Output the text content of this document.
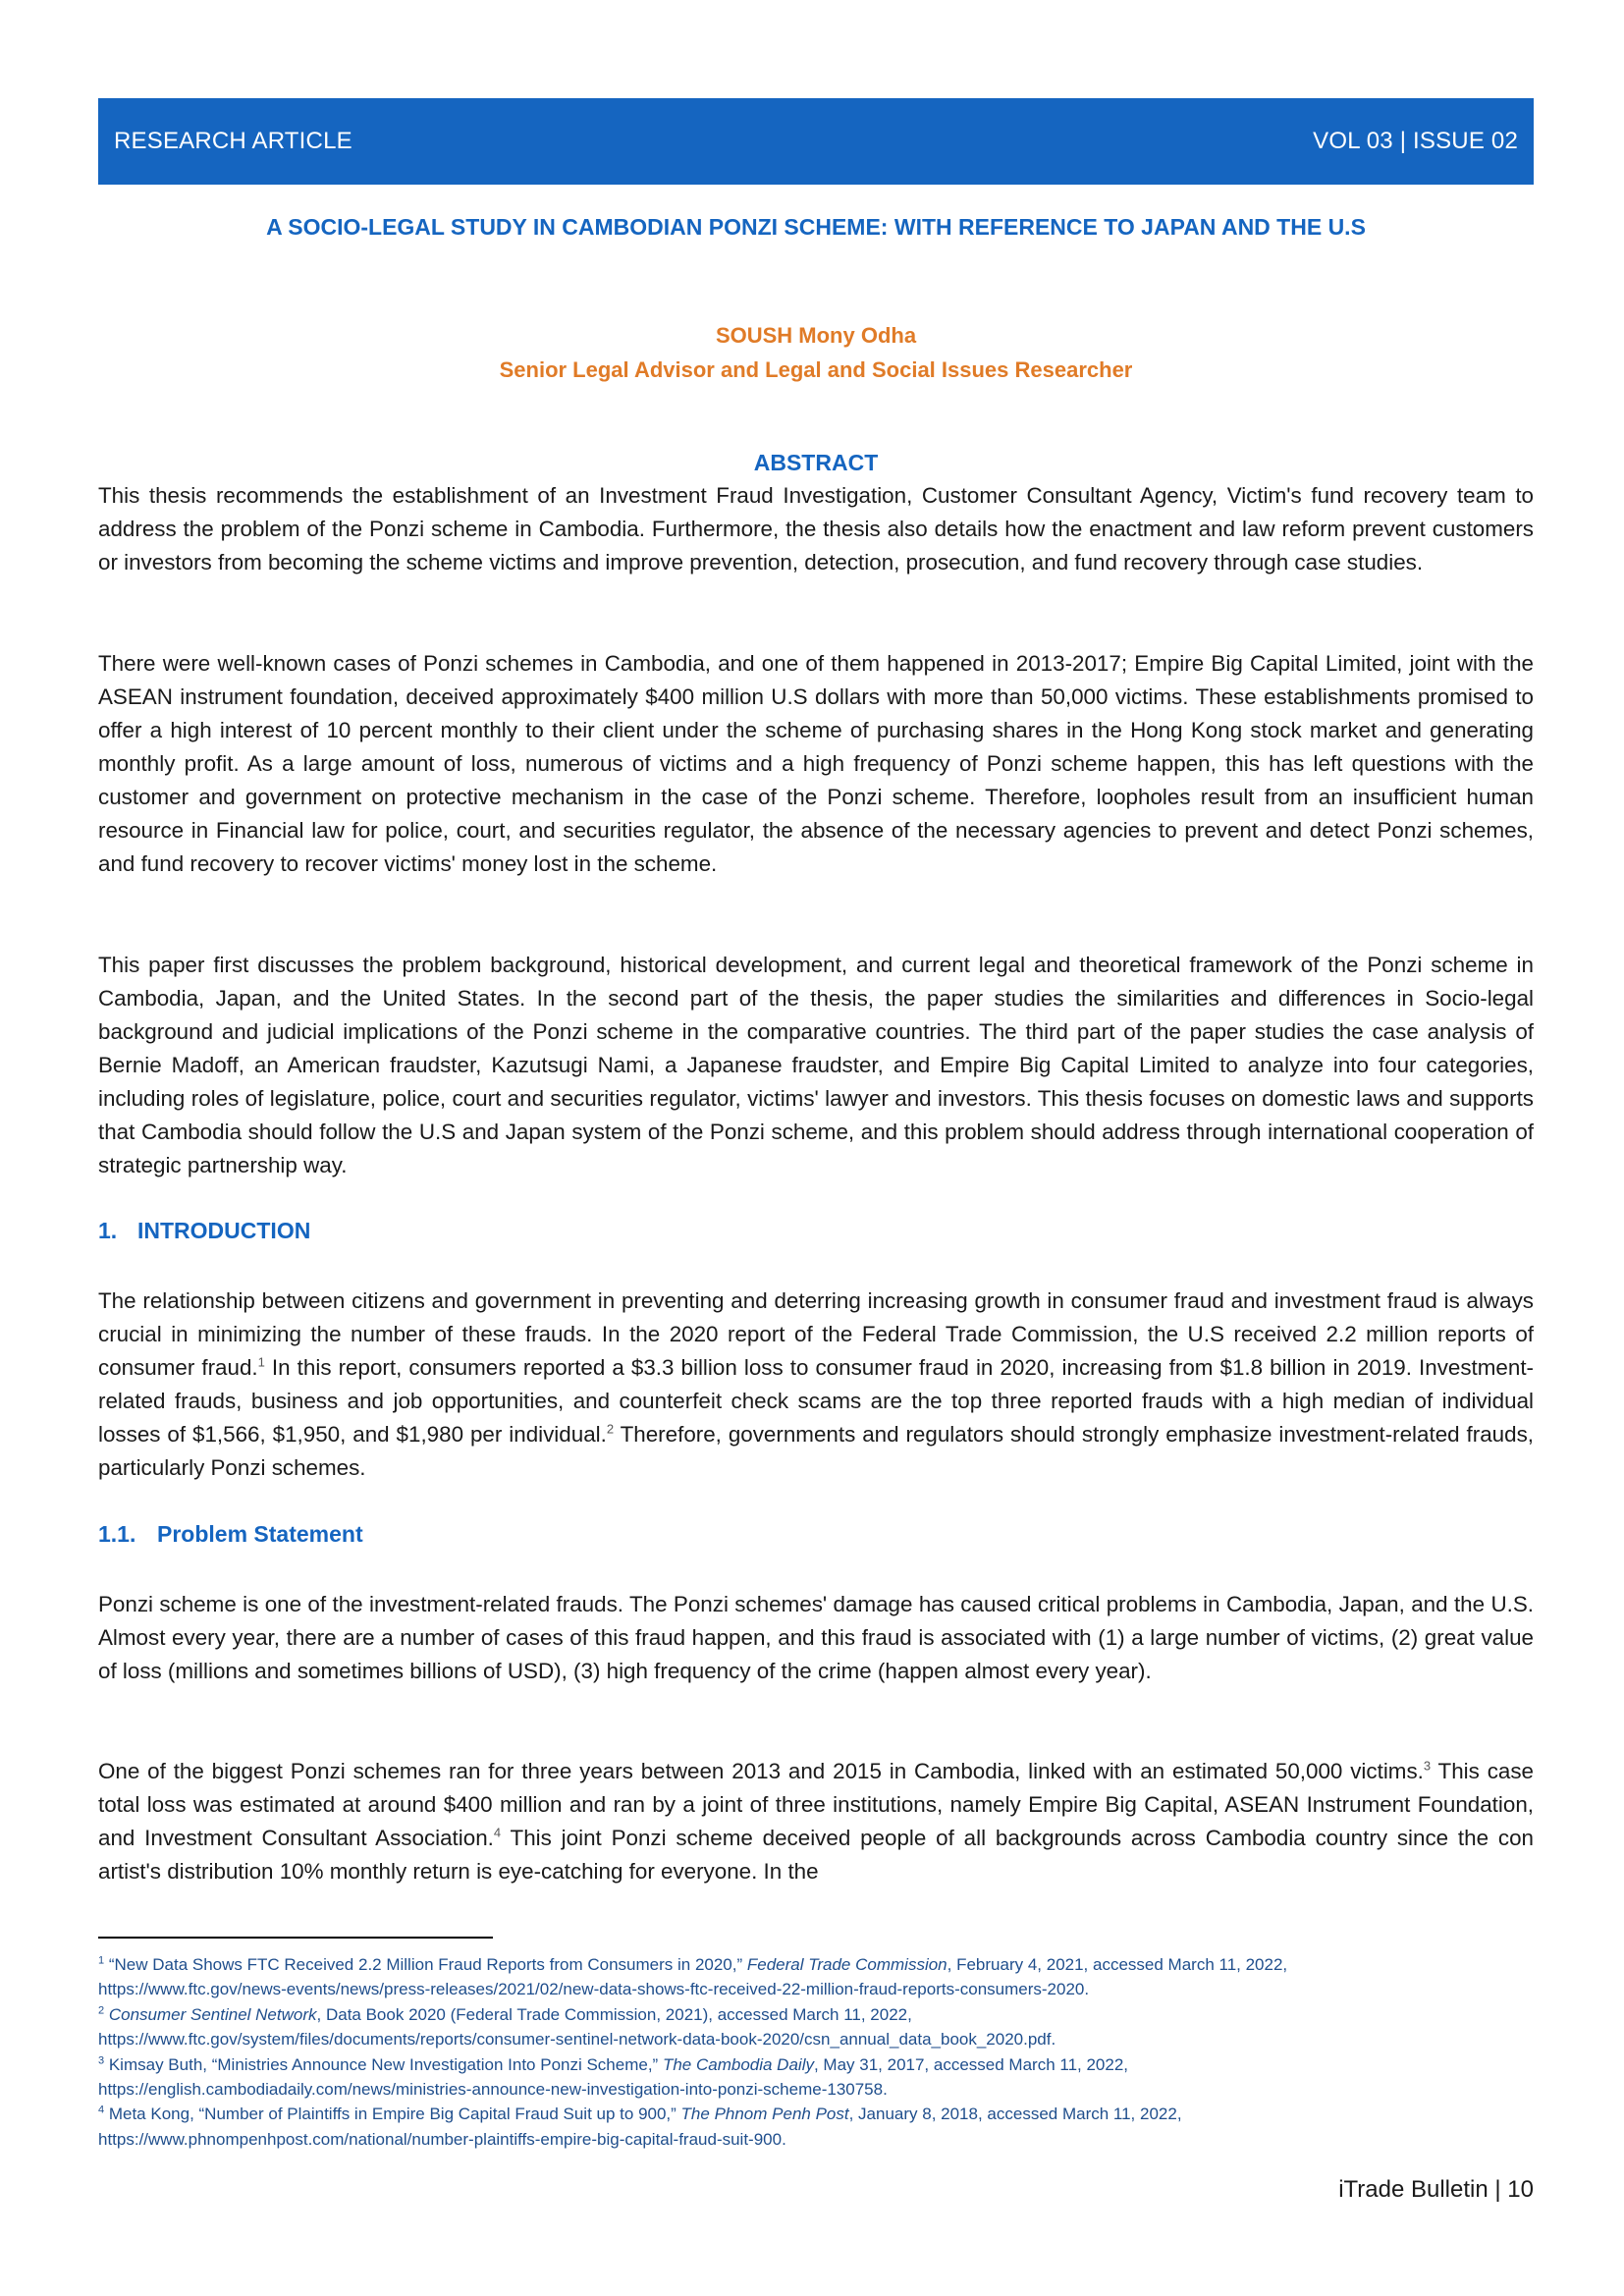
RESEARCH ARTICLE	VOL 03 | ISSUE 02
A SOCIO-LEGAL STUDY IN CAMBODIAN PONZI SCHEME: WITH REFERENCE TO JAPAN AND THE U.S
SOUSH Mony Odha
Senior Legal Advisor and Legal and Social Issues Researcher
ABSTRACT

This thesis recommends the establishment of an Investment Fraud Investigation, Customer Consultant Agency, Victim's fund recovery team to address the problem of the Ponzi scheme in Cambodia. Furthermore, the thesis also details how the enactment and law reform prevent customers or investors from becoming the scheme victims and improve prevention, detection, prosecution, and fund recovery through case studies.

There were well-known cases of Ponzi schemes in Cambodia, and one of them happened in 2013-2017; Empire Big Capital Limited, joint with the ASEAN instrument foundation, deceived approximately $400 million U.S dollars with more than 50,000 victims. These establishments promised to offer a high interest of 10 percent monthly to their client under the scheme of purchasing shares in the Hong Kong stock market and generating monthly profit. As a large amount of loss, numerous of victims and a high frequency of Ponzi scheme happen, this has left questions with the customer and government on protective mechanism in the case of the Ponzi scheme. Therefore, loopholes result from an insufficient human resource in Financial law for police, court, and securities regulator, the absence of the necessary agencies to prevent and detect Ponzi schemes, and fund recovery to recover victims' money lost in the scheme.

This paper first discusses the problem background, historical development, and current legal and theoretical framework of the Ponzi scheme in Cambodia, Japan, and the United States. In the second part of the thesis, the paper studies the similarities and differences in Socio-legal background and judicial implications of the Ponzi scheme in the comparative countries. The third part of the paper studies the case analysis of Bernie Madoff, an American fraudster, Kazutsugi Nami, a Japanese fraudster, and Empire Big Capital Limited to analyze into four categories, including roles of legislature, police, court and securities regulator, victims' lawyer and investors. This thesis focuses on domestic laws and supports that Cambodia should follow the U.S and Japan system of the Ponzi scheme, and this problem should address through international cooperation of strategic partnership way.

1. INTRODUCTION

The relationship between citizens and government in preventing and deterring increasing growth in consumer fraud and investment fraud is always crucial in minimizing the number of these frauds. In the 2020 report of the Federal Trade Commission, the U.S received 2.2 million reports of consumer fraud.$^1$ In this report, consumers reported a $3.3 billion loss to consumer fraud in 2020, increasing from $1.8 billion in 2019. Investment-related frauds, business and job opportunities, and counterfeit check scams are the top three reported frauds with a high median of individual losses of $1,566, $1,950, and $1,980 per individual.$^2$ Therefore, governments and regulators should strongly emphasize investment-related frauds, particularly Ponzi schemes.

1.1. Problem Statement

Ponzi scheme is one of the investment-related frauds. The Ponzi schemes' damage has caused critical problems in Cambodia, Japan, and the U.S. Almost every year, there are a number of cases of this fraud happen, and this fraud is associated with (1) a large number of victims, (2) great value of loss (millions and sometimes billions of USD), (3) high frequency of the crime (happen almost every year).

One of the biggest Ponzi schemes ran for three years between 2013 and 2015 in Cambodia, linked with an estimated 50,000 victims.$^3$ This case total loss was estimated at around $400 million and ran by a joint of three institutions, namely Empire Big Capital, ASEAN Instrument Foundation, and Investment Consultant Association.$^4$ This joint Ponzi scheme deceived people of all backgrounds across Cambodia country since the con artist's distribution 10% monthly return is eye-catching for everyone. In the

$^1$ “New Data Shows FTC Received 2.2 Million Fraud Reports from Consumers in 2020,” Federal Trade Commission, February 4, 2021, accessed March 11, 2022,
https://www.ftc.gov/news-events/news/press-releases/2021/02/new-data-shows-ftc-received-22-million-fraud-reports-consumers-2020.

$^2$ Consumer Sentinel Network, Data Book 2020 (Federal Trade Commission, 2021), accessed March 11, 2022,
https://www.ftc.gov/system/files/documents/reports/consumer-sentinel-network-data-book-2020/csn_annual_data_book_2020.pdf.

$^3$ Kimsay Buth, “Ministries Announce New Investigation Into Ponzi Scheme,” The Cambodia Daily, May 31, 2017, accessed March 11, 2022,
https://english.cambodiadaily.com/news/ministries-announce-new-investigation-into-ponzi-scheme-130758.

$^4$ Meta Kong, “Number of Plaintiffs in Empire Big Capital Fraud Suit up to 900,” The Phnom Penh Post, January 8, 2018, accessed March 11, 2022,
https://www.phnompenhpost.com/national/number-plaintiffs-empire-big-capital-fraud-suit-900.

iTrade Bulletin | 10
